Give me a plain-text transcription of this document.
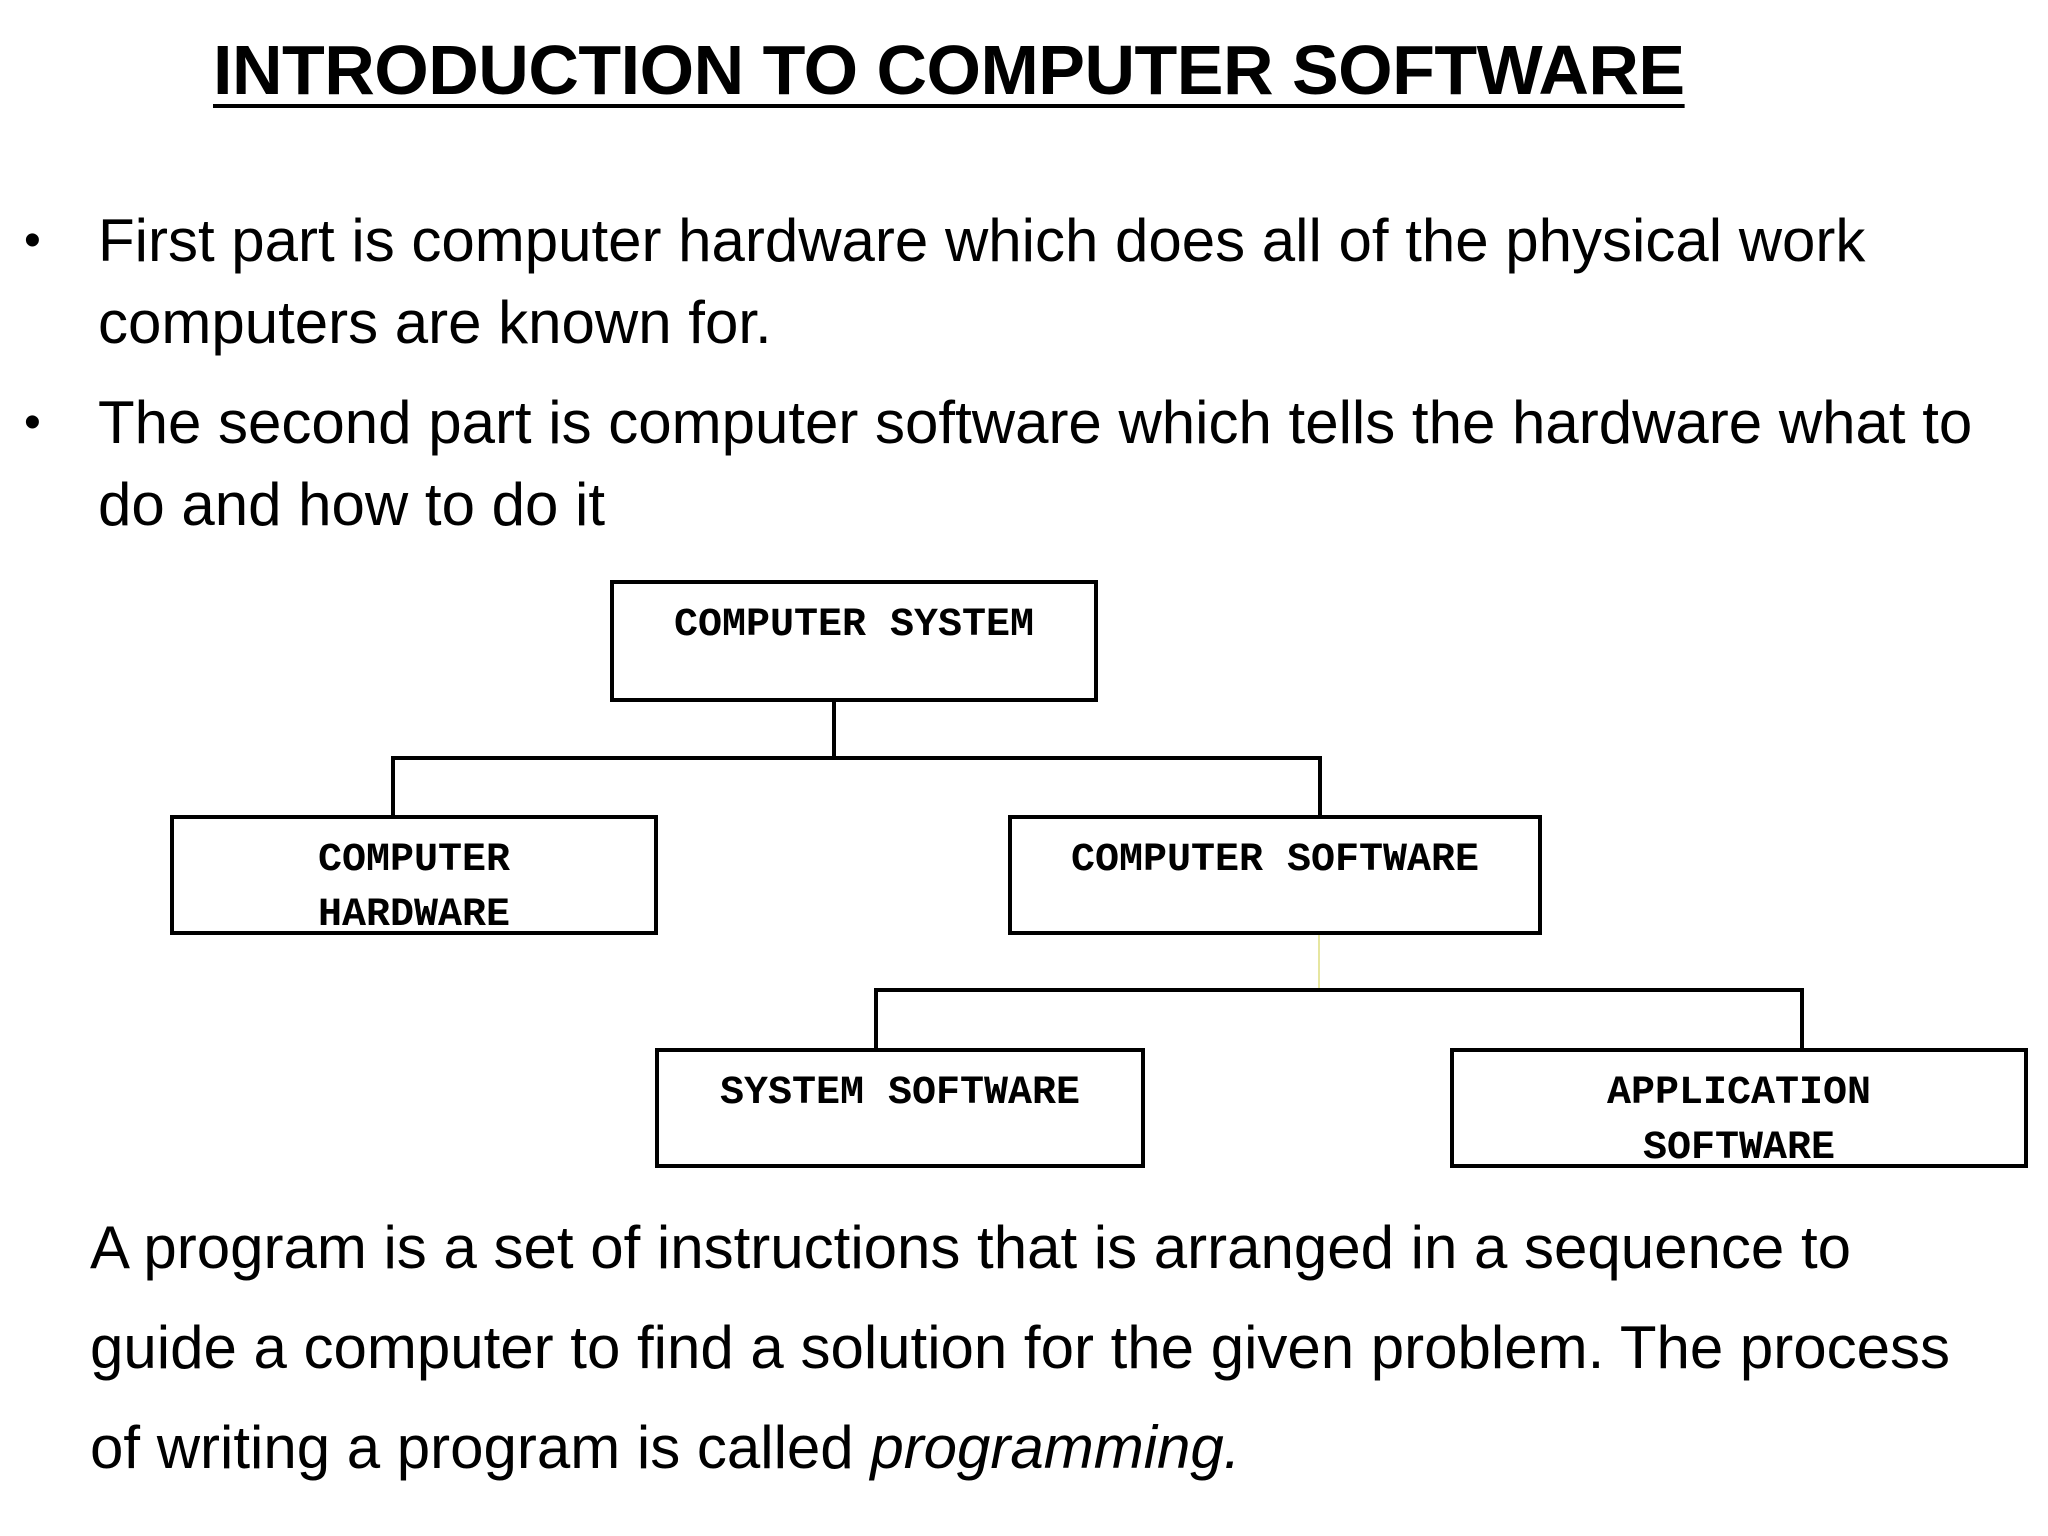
INTRODUCTION TO COMPUTER SOFTWARE
• First part is computer hardware which does all of the physical work computers are known for.
• The second part is computer software which tells the hardware what to do and how to do it
COMPUTER SYSTEM
COMPUTER HARDWARE
COMPUTER SOFTWARE
SYSTEM SOFTWARE	APPLICATION SOFTWARE

A program is a set of instructions that is arranged in a sequence to guide a computer to find a solution for the given problem. The process of writing a program is called programming.
